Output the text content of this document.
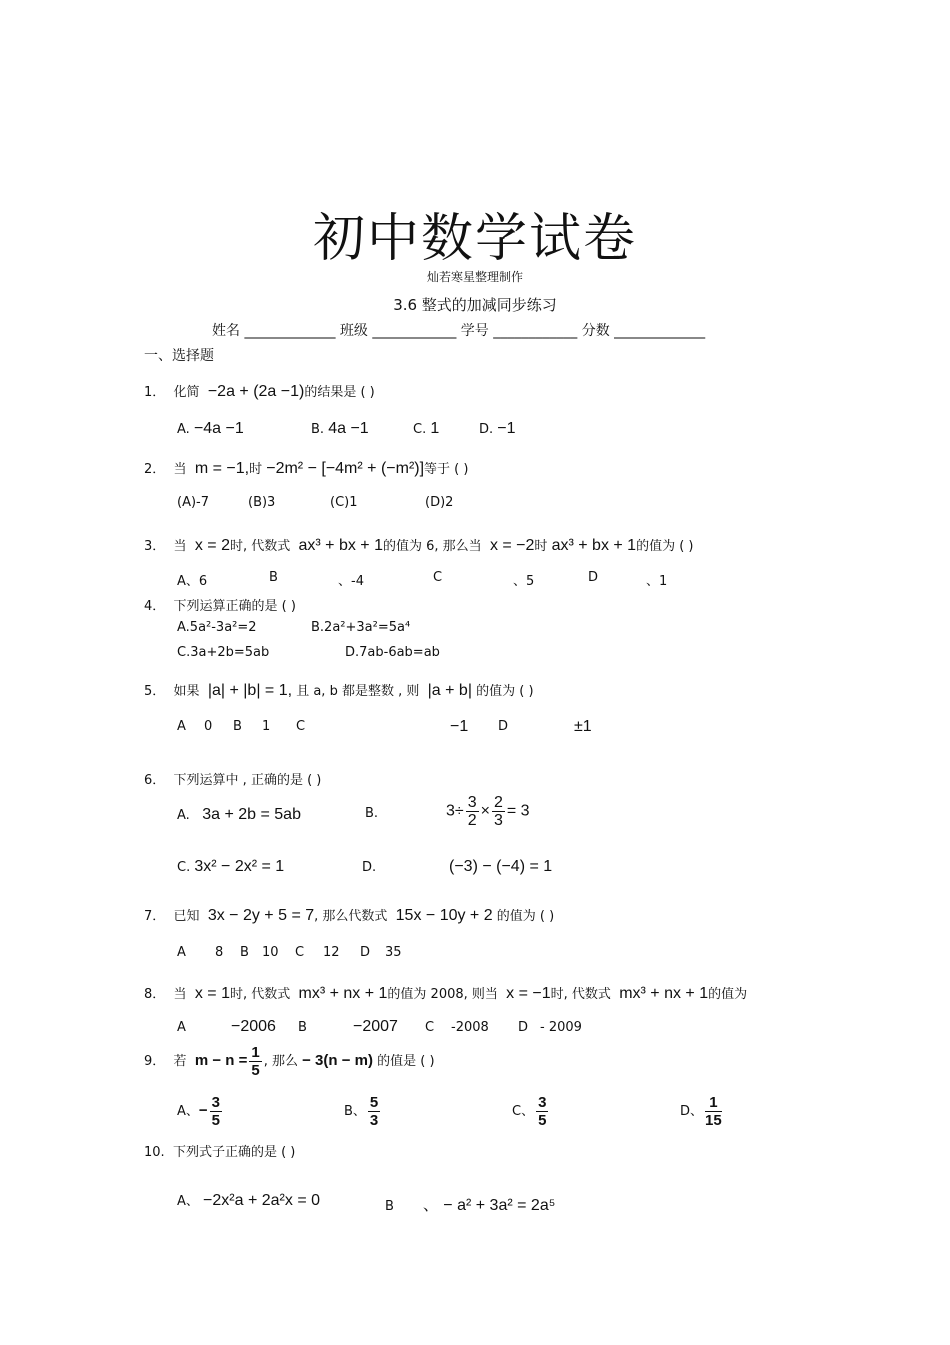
初中数学试卷
灿若寒星整理制作
3.6 整式的加减同步练习
姓名 _____________ 班级 ____________ 学号 ____________ 分数 _____________
一、选择题
1． 化简 −2a + (2a −1)的结果是 ( )
A. −4a −1	B. 4a −1	C. 1	D. −1
2． 当 m = −1,时 −2m² − [−4m² + (−m²)]等于 ( )
(A)-7	(B)3	(C)1	(D)2
3． 当 x = 2时, 代数式 ax³ + bx + 1的值为 6, 那么当 x = −2时 ax³ + bx + 1的值为 ( )
A、6	B	、-4	C	、5	D	、1
4． 下列运算正确的是 ( )
A.5a²-3a²=2	B.2a²+3a²=5a⁴
C.3a+2b=5ab	D.7ab-6ab=ab
5． 如果 |a| + |b| = 1, 且 a, b 都是整数 , 则 |a + b| 的值为 ( )
A 0 B 1 C	−1 D	±1
6． 下列运算中 , 正确的是 ( )
A. 3a + 2b = 5ab	B.	$3\div \frac{3}{2} \times \frac{2}{3} = 3$
C. 3x² − 2x² = 1	D.	(−3) − (−4) = 1
7． 已知 3x − 2y + 5 = 7, 那么代数式 15x − 10y + 2 的值为 ( )
A 8 B 10 C 12 D 35
8． 当 x = 1时, 代数式 mx³ + nx + 1的值为 2008, 则当 x = −1时, 代数式 mx³ + nx + 1的值为
A	−2006 B	−2007 C -2008 D - 2009
9． 若 $m - n = \frac{1}{5}$ , 那么 − 3(n − m) 的值是 ( )
A、− $\frac{3}{5}$	B、 $\frac{5}{3}$	C、 $\frac{3}{5}$	D、 $\frac{1}{15}$
10. 下列式子正确的是 ( )
A、 −2x²a + 2a²x = 0	B 、 − a² + 3a² = 2a⁵
